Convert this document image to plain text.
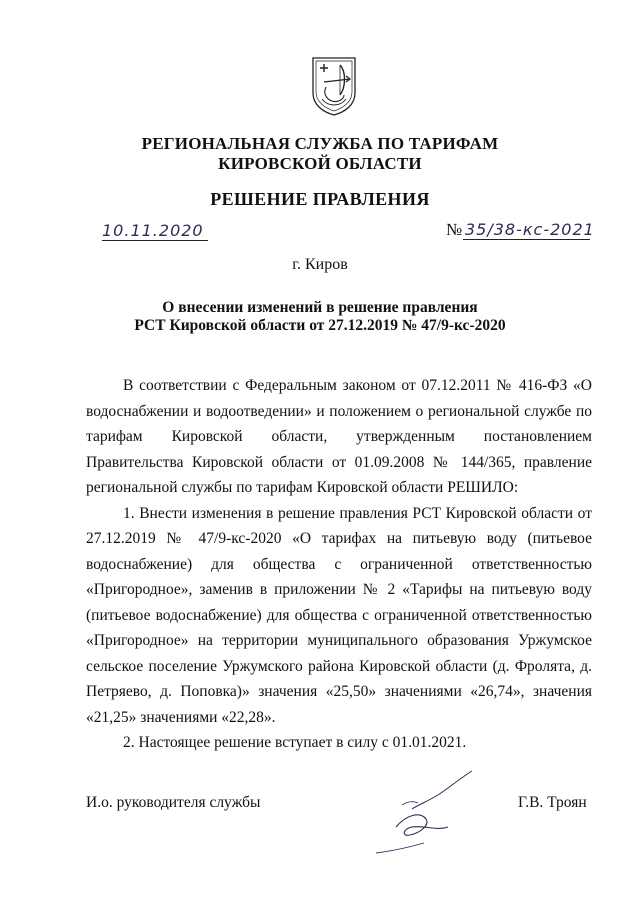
РЕГИОНАЛЬНАЯ СЛУЖБА ПО ТАРИФАМ
КИРОВСКОЙ ОБЛАСТИ
РЕШЕНИЕ ПРАВЛЕНИЯ
10.11.2020	№ 35/38-кс-2021
г. Киров
О внесении изменений в решение правления
РСТ Кировской области от 27.12.2019 № 47/9-кс-2020

В соответствии с Федеральным законом от 07.12.2011 № 416-ФЗ «О водоснабжении и водоотведении» и положением о региональной службе по тарифам Кировской области, утвержденным постановлением Правительства Кировской области от 01.09.2008 № 144/365, правление региональной службы по тарифам Кировской области РЕШИЛО:

1. Внести изменения в решение правления РСТ Кировской области от 27.12.2019 № 47/9-кс-2020 «О тарифах на питьевую воду (питьевое водоснабжение) для общества с ограниченной ответственностью «Пригородное», заменив в приложении № 2 «Тарифы на питьевую воду (питьевое водоснабжение) для общества с ограниченной ответственностью «Пригородное» на территории муниципального образования Уржумское сельское поселение Уржумского района Кировской области (д. Фролята, д. Петряево, д. Поповка)» значения «25,50» значениями «26,74», значения «21,25» значениями «22,28».

2. Настоящее решение вступает в силу с 01.01.2021.

И.о. руководителя службы	Г.В. Троян
